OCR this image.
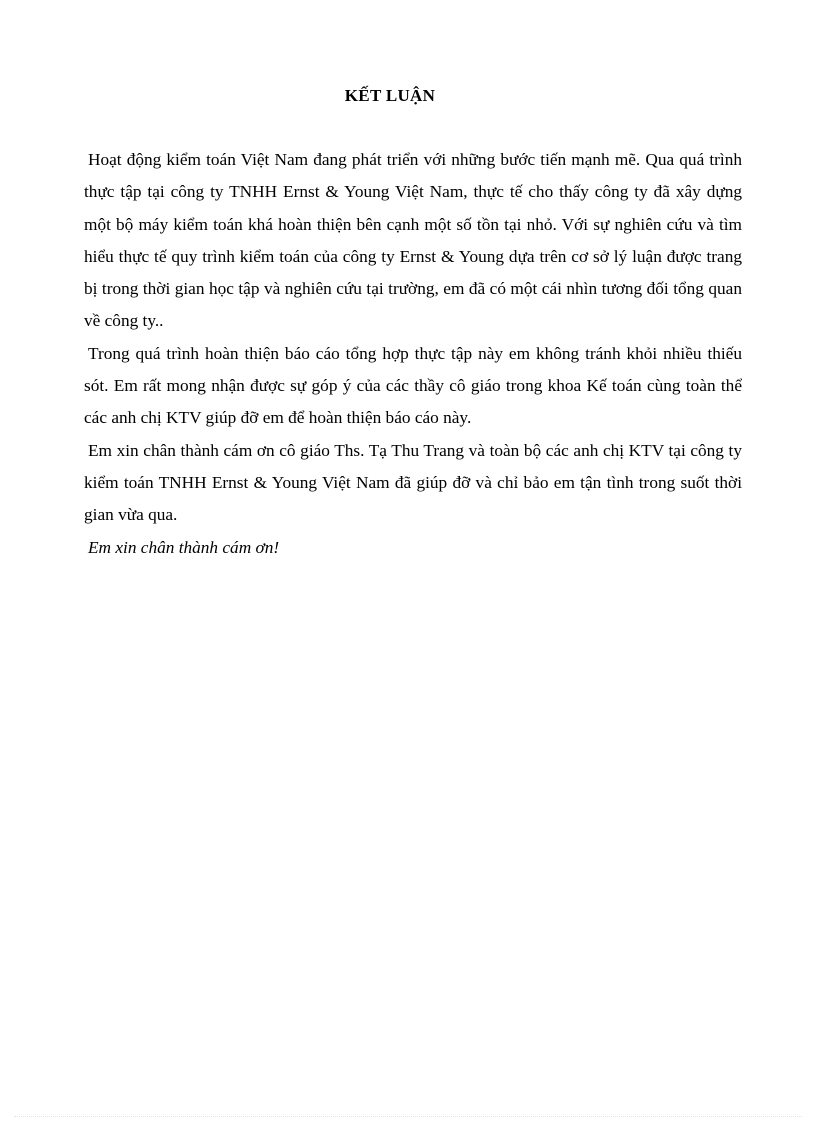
KẾT LUẬN

Hoạt động kiểm toán Việt Nam đang phát triển với những bước tiến mạnh mẽ. Qua quá trình thực tập tại công ty TNHH Ernst & Young Việt Nam, thực tế cho thấy công ty đã xây dựng một bộ máy kiểm toán khá hoàn thiện bên cạnh một số tồn tại nhỏ. Với sự nghiên cứu và tìm hiểu thực tế quy trình kiểm toán của công ty Ernst & Young dựa trên cơ sở lý luận được trang bị trong thời gian học tập và nghiên cứu tại trường, em đã có một cái nhìn tương đối tổng quan về công ty..

Trong quá trình hoàn thiện báo cáo tổng hợp thực tập này em không tránh khỏi nhiều thiếu sót. Em rất mong nhận được sự góp ý của các thầy cô giáo trong khoa Kế toán cùng toàn thể các anh chị KTV giúp đỡ em để hoàn thiện báo cáo này.

Em xin chân thành cám ơn cô giáo Ths. Tạ Thu Trang và toàn bộ các anh chị KTV tại công ty kiểm toán TNHH Ernst & Young Việt Nam đã giúp đỡ và chỉ bảo em tận tình trong suốt thời gian vừa qua.

Em xin chân thành cám ơn!
